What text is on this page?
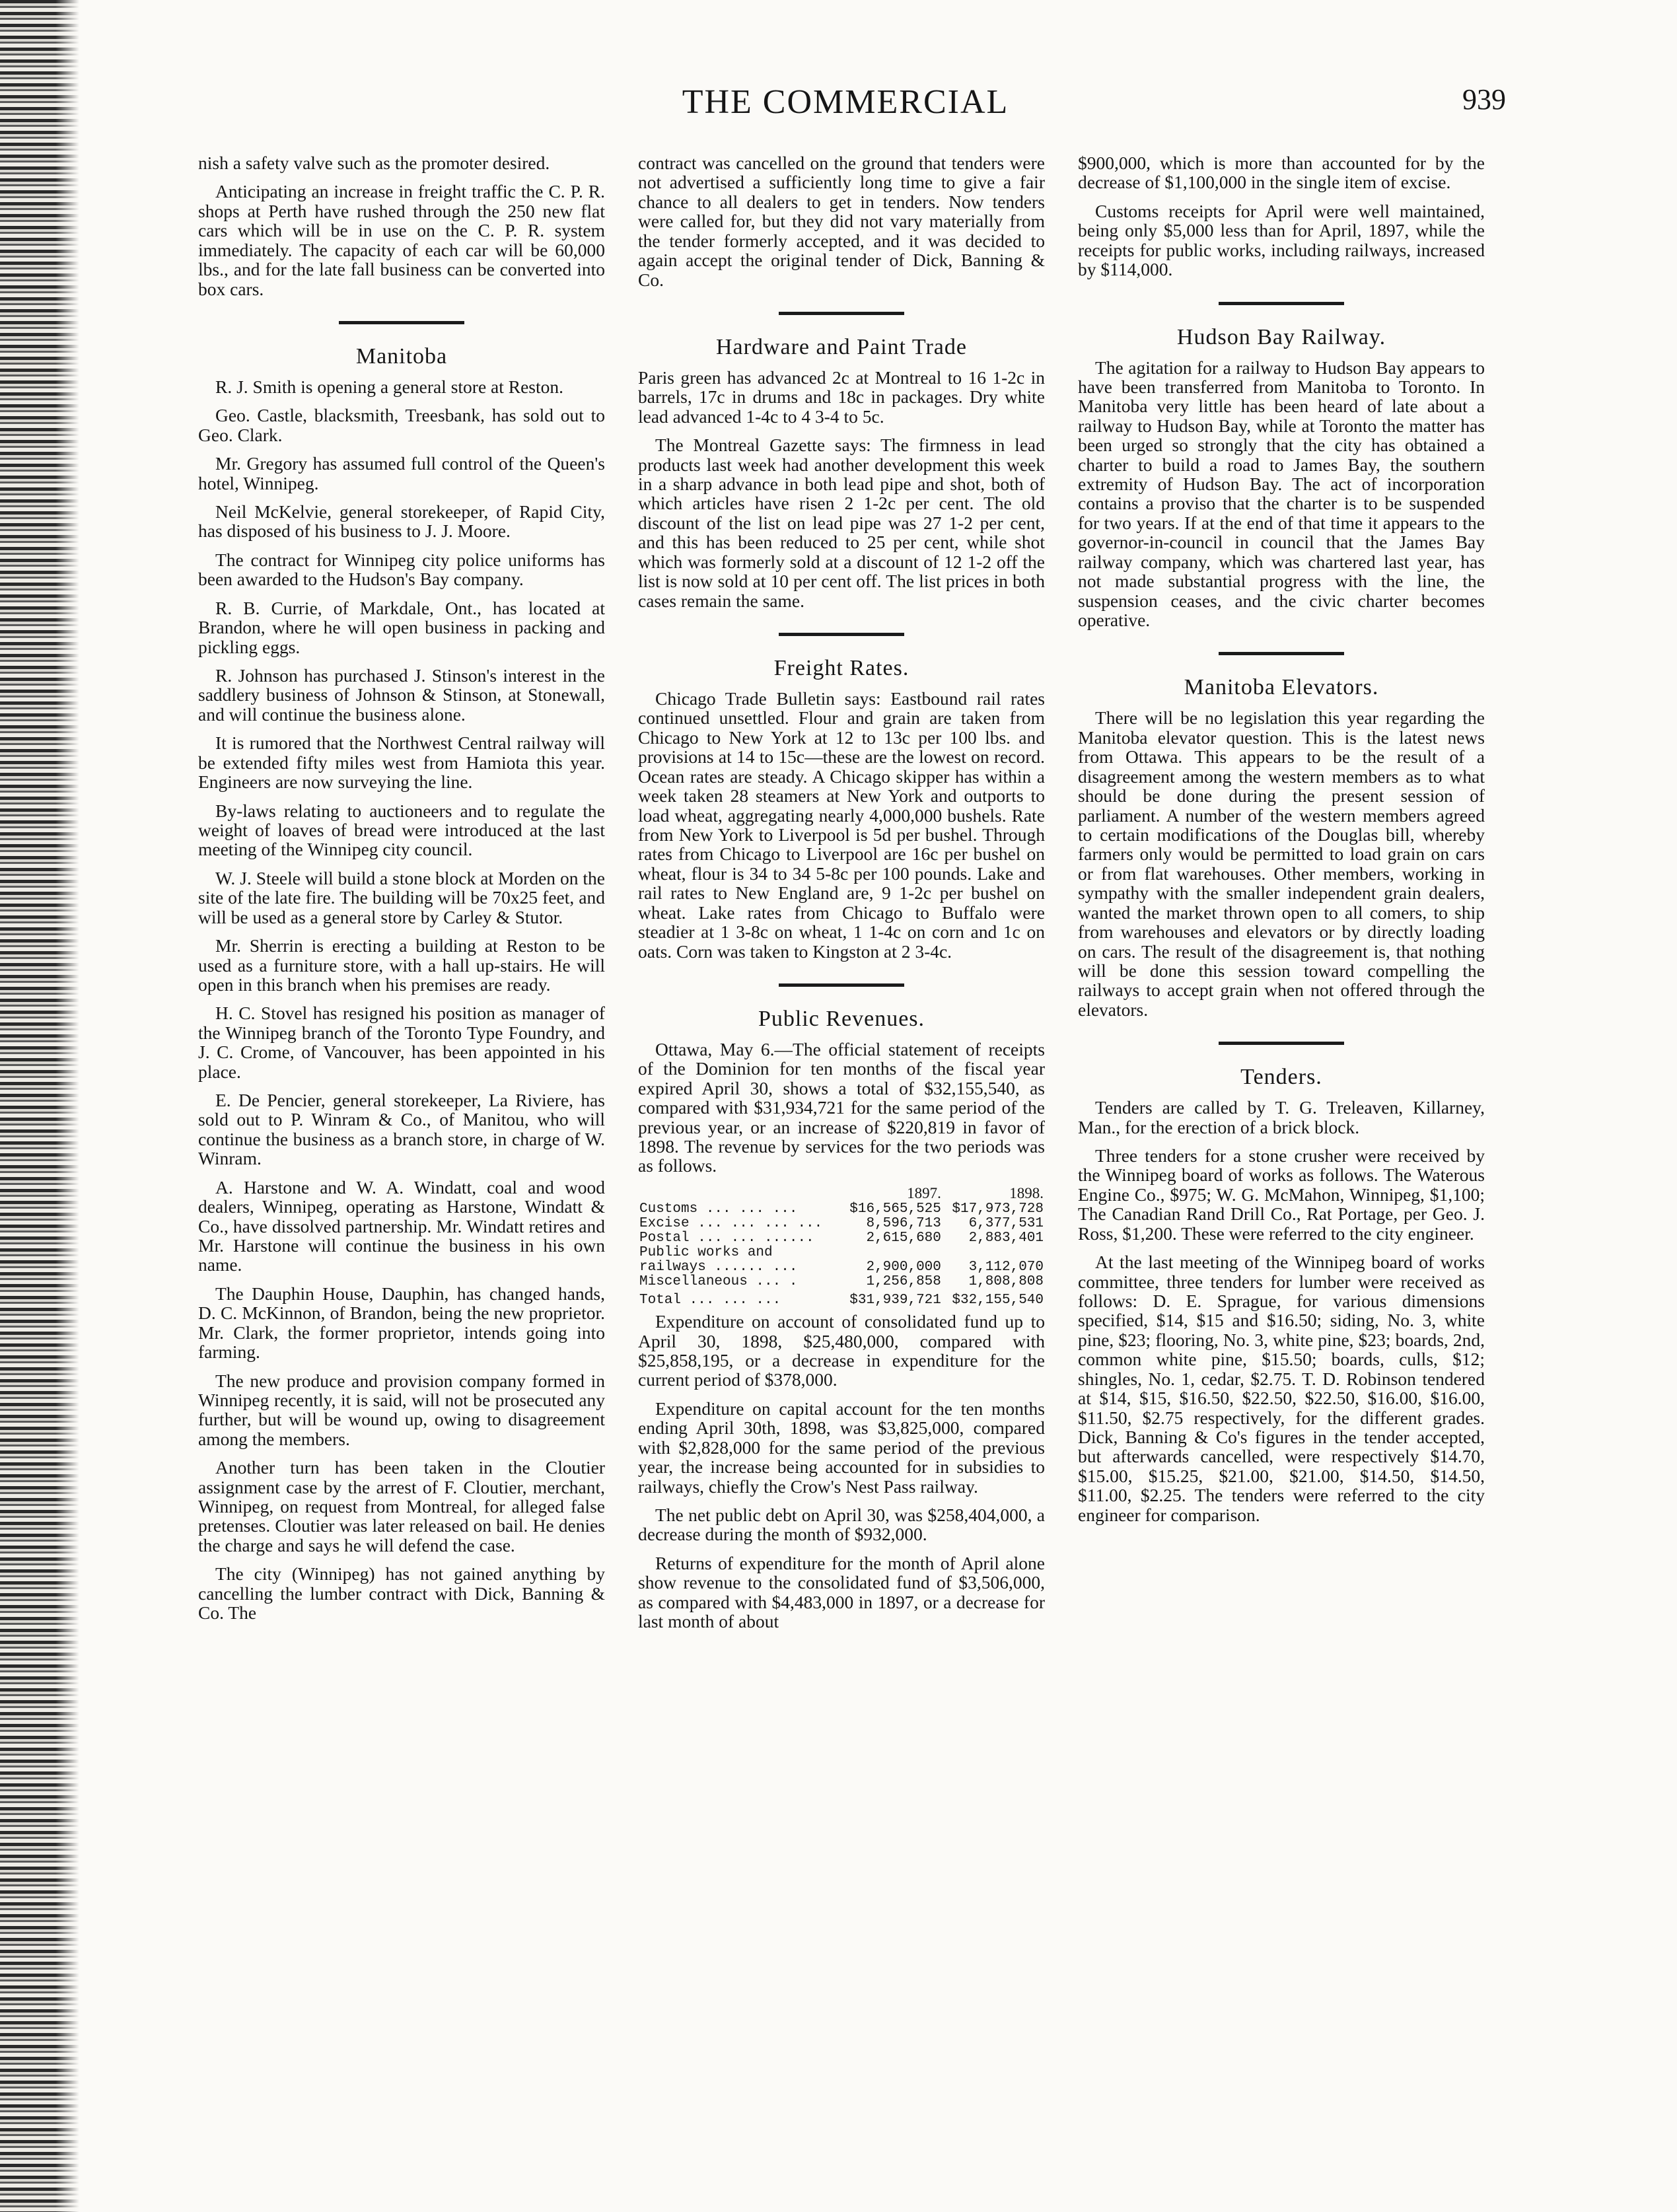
THE COMMERCIAL	939

nish a safety valve such as the promoter desired.

Anticipating an increase in freight traffic the C. P. R. shops at Perth have rushed through the 250 new flat cars which will be in use on the C. P. R. system immediately. The capacity of each car will be 60,000 lbs., and for the late fall business can be converted into box cars.

Manitoba

R. J. Smith is opening a general store at Reston.

Geo. Castle, blacksmith, Treesbank, has sold out to Geo. Clark.

Mr. Gregory has assumed full control of the Queen's hotel, Winnipeg.

Neil McKelvie, general storekeeper, of Rapid City, has disposed of his business to J. J. Moore.

The contract for Winnipeg city police uniforms has been awarded to the Hudson's Bay company.

R. B. Currie, of Markdale, Ont., has located at Brandon, where he will open business in packing and pickling eggs.

R. Johnson has purchased J. Stinson's interest in the saddlery business of Johnson & Stinson, at Stonewall, and will continue the business alone.

It is rumored that the Northwest Central railway will be extended fifty miles west from Hamiota this year. Engineers are now surveying the line.

By-laws relating to auctioneers and to regulate the weight of loaves of bread were introduced at the last meeting of the Winnipeg city council.

W. J. Steele will build a stone block at Morden on the site of the late fire. The building will be 70x25 feet, and will be used as a general store by Carley & Stutor.

Mr. Sherrin is erecting a building at Reston to be used as a furniture store, with a hall up-stairs. He will open in this branch when his premises are ready.

H. C. Stovel has resigned his position as manager of the Winnipeg branch of the Toronto Type Foundry, and J. C. Crome, of Vancouver, has been appointed in his place.

E. De Pencier, general storekeeper, La Riviere, has sold out to P. Winram & Co., of Manitou, who will continue the business as a branch store, in charge of W. Winram.

A. Harstone and W. A. Windatt, coal and wood dealers, Winnipeg, operating as Harstone, Windatt & Co., have dissolved partnership. Mr. Windatt retires and Mr. Harstone will continue the business in his own name.

The Dauphin House, Dauphin, has changed hands, D. C. McKinnon, of Brandon, being the new proprietor. Mr. Clark, the former proprietor, intends going into farming.

The new produce and provision company formed in Winnipeg recently, it is said, will not be prosecuted any further, but will be wound up, owing to disagreement among the members.

Another turn has been taken in the Cloutier assignment case by the arrest of F. Cloutier, merchant, Winnipeg, on request from Montreal, for alleged false pretenses. Cloutier was later released on bail. He denies the charge and says he will defend the case.

The city (Winnipeg) has not gained anything by cancelling the lumber contract with Dick, Banning & Co. The

contract was cancelled on the ground that tenders were not advertised a sufficiently long time to give a fair chance to all dealers to get in tenders. Now tenders were called for, but they did not vary materially from the tender formerly accepted, and it was decided to again accept the original tender of Dick, Banning & Co.

Hardware and Paint Trade

Paris green has advanced 2c at Montreal to 16 1-2c in barrels, 17c in drums and 18c in packages. Dry white lead advanced 1-4c to 4 3-4 to 5c.

The Montreal Gazette says: The firmness in lead products last week had another development this week in a sharp advance in both lead pipe and shot, both of which articles have risen 2 1-2c per cent. The old discount of the list on lead pipe was 27 1-2 per cent, and this has been reduced to 25 per cent, while shot which was formerly sold at a discount of 12 1-2 off the list is now sold at 10 per cent off. The list prices in both cases remain the same.

Freight Rates.

Chicago Trade Bulletin says: Eastbound rail rates continued unsettled. Flour and grain are taken from Chicago to New York at 12 to 13c per 100 lbs. and provisions at 14 to 15c—these are the lowest on record. Ocean rates are steady. A Chicago skipper has within a week taken 28 steamers at New York and outports to load wheat, aggregating nearly 4,000,000 bushels. Rate from New York to Liverpool is 5d per bushel. Through rates from Chicago to Liverpool are 16c per bushel on wheat, flour is 34 to 34 5-8c per 100 pounds. Lake and rail rates to New England are, 9 1-2c per bushel on wheat. Lake rates from Chicago to Buffalo were steadier at 1 3-8c on wheat, 1 1-4c on corn and 1c on oats. Corn was taken to Kingston at 2 3-4c.

Public Revenues.

Ottawa, May 6.—The official statement of receipts of the Dominion for ten months of the fiscal year expired April 30, shows a total of $32,155,540, as compared with $31,934,721 for the same period of the previous year, or an increase of $220,819 in favor of 1898. The revenue by services for the two periods was as follows.

	1897.	1898.
Customs ... ... ...	$16,565,525	$17,973,728
Excise ... ... ... ...	8,596,713	6,377,531
Postal ... ... ......	2,615,680	2,883,401
Public works and		
railways ...... ...	2,900,000	3,112,070
Miscellaneous ... .	1,256,858	1,808,808
Total ... ... ...	$31,939,721	$32,155,540

Expenditure on account of consolidated fund up to April 30, 1898, $25,480,000, compared with $25,858,195, or a decrease in expenditure for the current period of $378,000.

Expenditure on capital account for the ten months ending April 30th, 1898, was $3,825,000, compared with $2,828,000 for the same period of the previous year, the increase being accounted for in subsidies to railways, chiefly the Crow's Nest Pass railway.

The net public debt on April 30, was $258,404,000, a decrease during the month of $932,000.

Returns of expenditure for the month of April alone show revenue to the consolidated fund of $3,506,000, as compared with $4,483,000 in 1897, or a decrease for last month of about

$900,000, which is more than accounted for by the decrease of $1,100,000 in the single item of excise.

Customs receipts for April were well maintained, being only $5,000 less than for April, 1897, while the receipts for public works, including railways, increased by $114,000.

Hudson Bay Railway.

The agitation for a railway to Hudson Bay appears to have been transferred from Manitoba to Toronto. In Manitoba very little has been heard of late about a railway to Hudson Bay, while at Toronto the matter has been urged so strongly that the city has obtained a charter to build a road to James Bay, the southern extremity of Hudson Bay. The act of incorporation contains a proviso that the charter is to be suspended for two years. If at the end of that time it appears to the governor-in-council in council that the James Bay railway company, which was chartered last year, has not made substantial progress with the line, the suspension ceases, and the civic charter becomes operative.

Manitoba Elevators.

There will be no legislation this year regarding the Manitoba elevator question. This is the latest news from Ottawa. This appears to be the result of a disagreement among the western members as to what should be done during the present session of parliament. A number of the western members agreed to certain modifications of the Douglas bill, whereby farmers only would be permitted to load grain on cars or from flat warehouses. Other members, working in sympathy with the smaller independent grain dealers, wanted the market thrown open to all comers, to ship from warehouses and elevators or by directly loading on cars. The result of the disagreement is, that nothing will be done this session toward compelling the railways to accept grain when not offered through the elevators.

Tenders.

Tenders are called by T. G. Treleaven, Killarney, Man., for the erection of a brick block.

Three tenders for a stone crusher were received by the Winnipeg board of works as follows. The Waterous Engine Co., $975; W. G. McMahon, Winnipeg, $1,100; The Canadian Rand Drill Co., Rat Portage, per Geo. J. Ross, $1,200. These were referred to the city engineer.

At the last meeting of the Winnipeg board of works committee, three tenders for lumber were received as follows: D. E. Sprague, for various dimensions specified, $14, $15 and $16.50; siding, No. 3, white pine, $23; flooring, No. 3, white pine, $23; boards, 2nd, common white pine, $15.50; boards, culls, $12; shingles, No. 1, cedar, $2.75. T. D. Robinson tendered at $14, $15, $16.50, $22.50, $22.50, $16.00, $16.00, $11.50, $2.75 respectively, for the different grades. Dick, Banning & Co's figures in the tender accepted, but afterwards cancelled, were respectively $14.70, $15.00, $15.25, $21.00, $21.00, $14.50, $14.50, $11.00, $2.25. The tenders were referred to the city engineer for comparison.
